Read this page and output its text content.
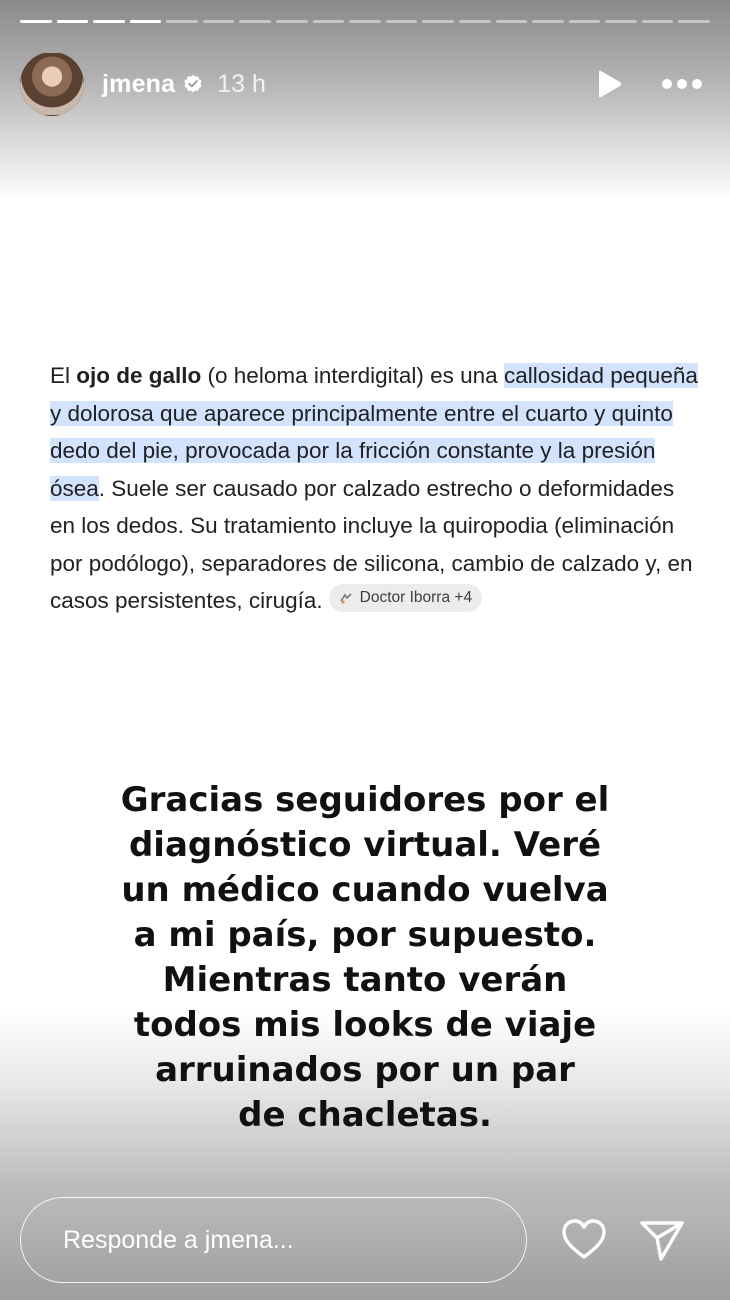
jmena 13 h
El ojo de gallo (o heloma interdigital) es una callosidad pequeña y dolorosa que aparece principalmente entre el cuarto y quinto dedo del pie, provocada por la fricción constante y la presión ósea. Suele ser causado por calzado estrecho o deformidades en los dedos. Su tratamiento incluye la quiropodia (eliminación por podólogo), separadores de silicona, cambio de calzado y, en casos persistentes, cirugía. Doctor Iborra +4
Gracias seguidores por el
diagnóstico virtual. Veré
un médico cuando vuelva
a mi país, por supuesto.
Mientras tanto verán
todos mis looks de viaje
arruinados por un par
de chacletas.
Responde a jmena...
